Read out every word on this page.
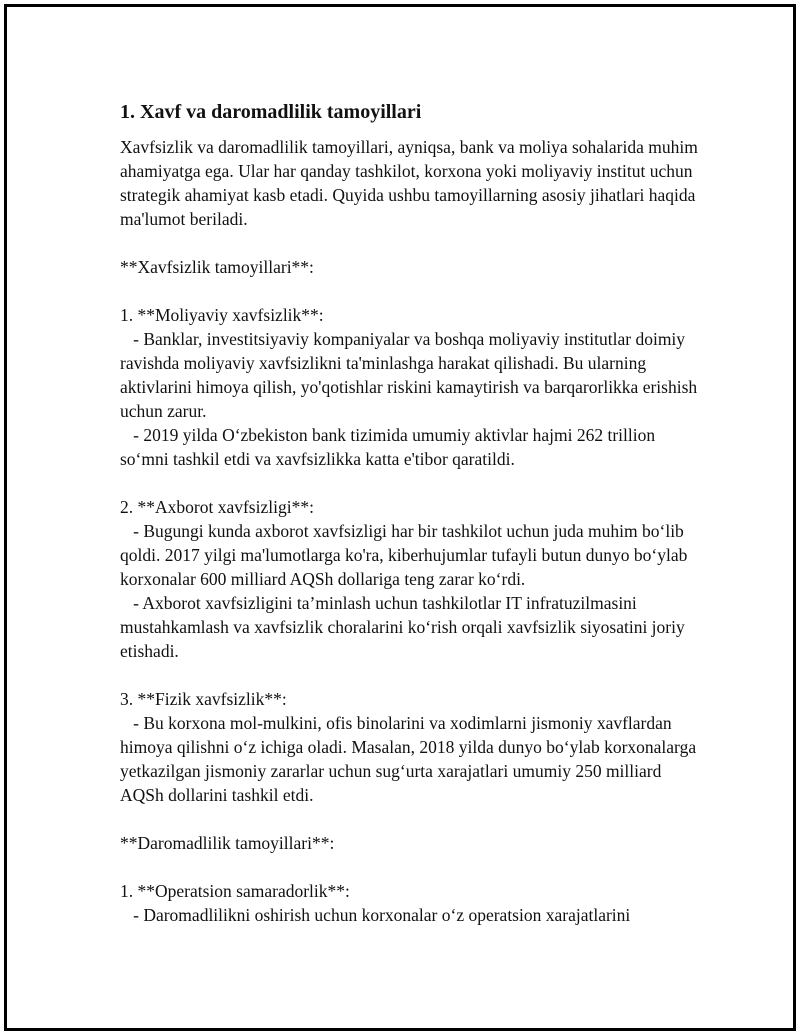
1. Xavf va daromadlilik tamoyillari

Xavfsizlik va daromadlilik tamoyillari, ayniqsa, bank va moliya sohalarida muhim ahamiyatga ega. Ular har qanday tashkilot, korxona yoki moliyaviy institut uchun strategik ahamiyat kasb etadi. Quyida ushbu tamoyillarning asosiy jihatlari haqida ma'lumot beriladi.

**Xavfsizlik tamoyillari**:

1. **Moliyaviy xavfsizlik**:

- Banklar, investitsiyaviy kompaniyalar va boshqa moliyaviy institutlar doimiy ravishda moliyaviy xavfsizlikni ta'minlashga harakat qilishadi. Bu ularning aktivlarini himoya qilish, yo'qotishlar riskini kamaytirish va barqarorlikka erishish uchun zarur.

- 2019 yilda O‘zbekiston bank tizimida umumiy aktivlar hajmi 262 trillion so‘mni tashkil etdi va xavfsizlikka katta e'tibor qaratildi.

2. **Axborot xavfsizligi**:

- Bugungi kunda axborot xavfsizligi har bir tashkilot uchun juda muhim bo‘lib qoldi. 2017 yilgi ma'lumotlarga ko'ra, kiberhujumlar tufayli butun dunyo bo‘ylab korxonalar 600 milliard AQSh dollariga teng zarar ko‘rdi.

- Axborot xavfsizligini ta’minlash uchun tashkilotlar IT infratuzilmasini mustahkamlash va xavfsizlik choralarini ko‘rish orqali xavfsizlik siyosatini joriy etishadi.

3. **Fizik xavfsizlik**:

- Bu korxona mol-mulkini, ofis binolarini va xodimlarni jismoniy xavflardan himoya qilishni o‘z ichiga oladi. Masalan, 2018 yilda dunyo bo‘ylab korxonalarga yetkazilgan jismoniy zararlar uchun sug‘urta xarajatlari umumiy 250 milliard AQSh dollarini tashkil etdi.

**Daromadlilik tamoyillari**:

1. **Operatsion samaradorlik**:

- Daromadlilikni oshirish uchun korxonalar o‘z operatsion xarajatlarini
